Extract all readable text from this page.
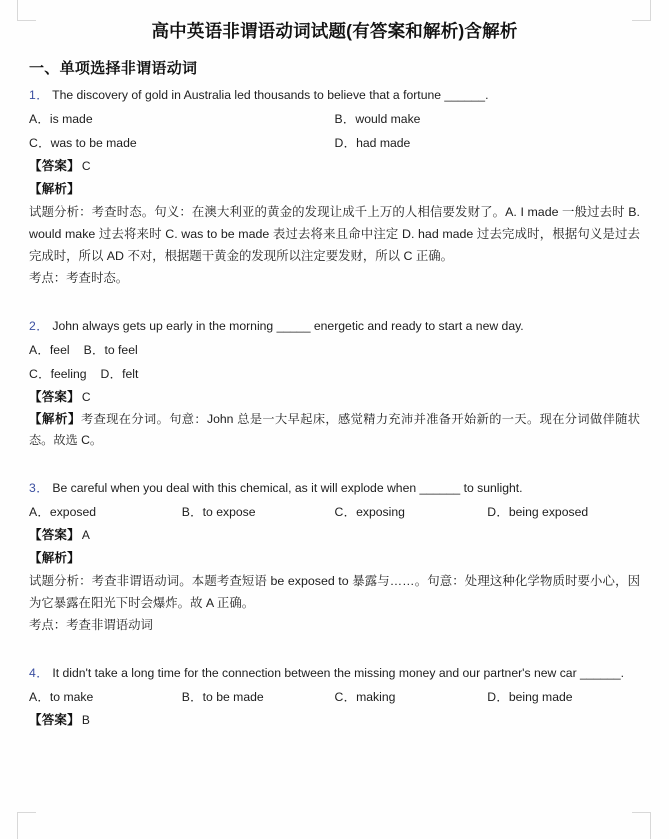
高中英语非谓语动词试题(有答案和解析)含解析
一、单项选择非谓语动词
1． The discovery of gold in Australia led thousands to believe that a fortune ______.
A．is made	B．would make
C．was to be made	D．had made
【答案】 C
【解析】
试题分析：考查时态。句义：在澳大利亚的黄金的发现让成千上万的人相信要发财了。A. I made 一般过去时 B. would make 过去将来时 C. was to be made 表过去将来且命中注定 D. had made 过去完成时，根据句义是过去完成时，所以 AD 不对，根据题干黄金的发现所以注定要发财，所以 C 正确。
考点：考查时态。
2． John always gets up early in the morning _____ energetic and ready to start a new day.
A．feel B．to feel
C．feeling D．felt
【答案】 C
【解析】考查现在分词。句意：John 总是一大早起床，感觉精力充沛并准备开始新的一天。现在分词做伴随状态。故选 C。
3． Be careful when you deal with this chemical, as it will explode when ______ to sunlight.
A．exposed	B．to expose	C．exposing	D．being exposed
【答案】 A
【解析】
试题分析：考查非谓语动词。本题考查短语 be exposed to 暴露与……。句意：处理这种化学物质时要小心，因为它暴露在阳光下时会爆炸。故 A 正确。
考点：考查非谓语动词
4． It didn't take a long time for the connection between the missing money and our partner's new car ______.
A．to make	B．to be made	C．making	D．being made
【答案】 B
